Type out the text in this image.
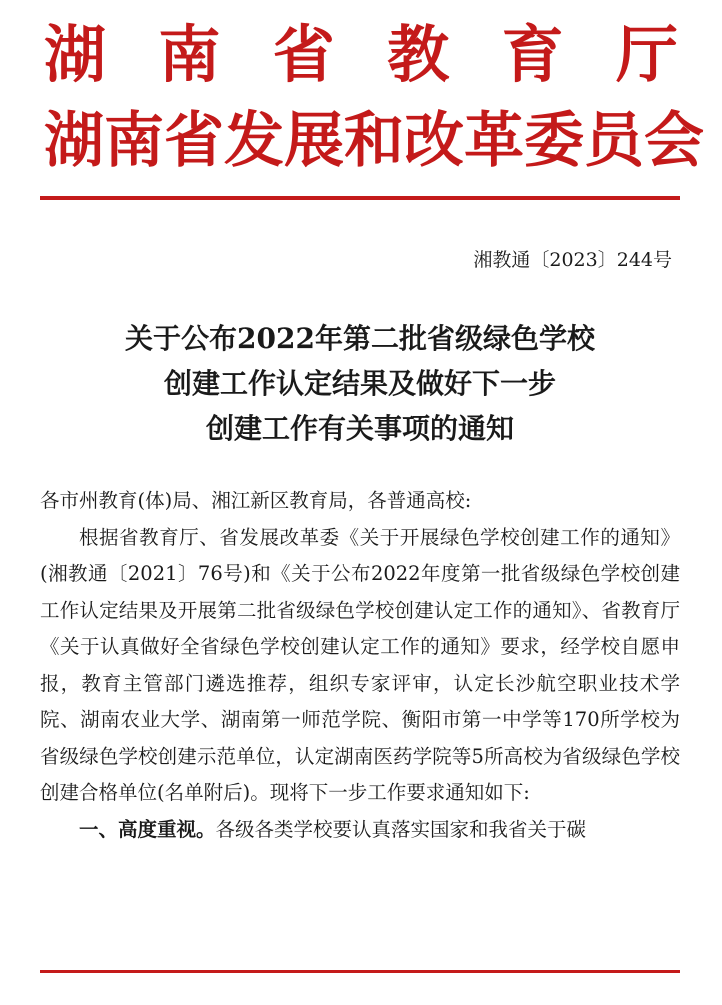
湖南省教育厅
湖南省发展和改革委员会
湘教通〔2023〕244号
关于公布2022年第二批省级绿色学校
创建工作认定结果及做好下一步
创建工作有关事项的通知

各市州教育(体)局、湘江新区教育局，各普通高校:

根据省教育厅、省发展改革委《关于开展绿色学校创建工作的通知》(湘教通〔2021〕76号)和《关于公布2022年度第一批省级绿色学校创建工作认定结果及开展第二批省级绿色学校创建认定工作的通知》、省教育厅《关于认真做好全省绿色学校创建认定工作的通知》要求，经学校自愿申报，教育主管部门遴选推荐，组织专家评审，认定长沙航空职业技术学院、湖南农业大学、湖南第一师范学院、衡阳市第一中学等170所学校为省级绿色学校创建示范单位，认定湖南医药学院等5所高校为省级绿色学校创建合格单位(名单附后)。现将下一步工作要求通知如下:

一、高度重视。各级各类学校要认真落实国家和我省关于碳
